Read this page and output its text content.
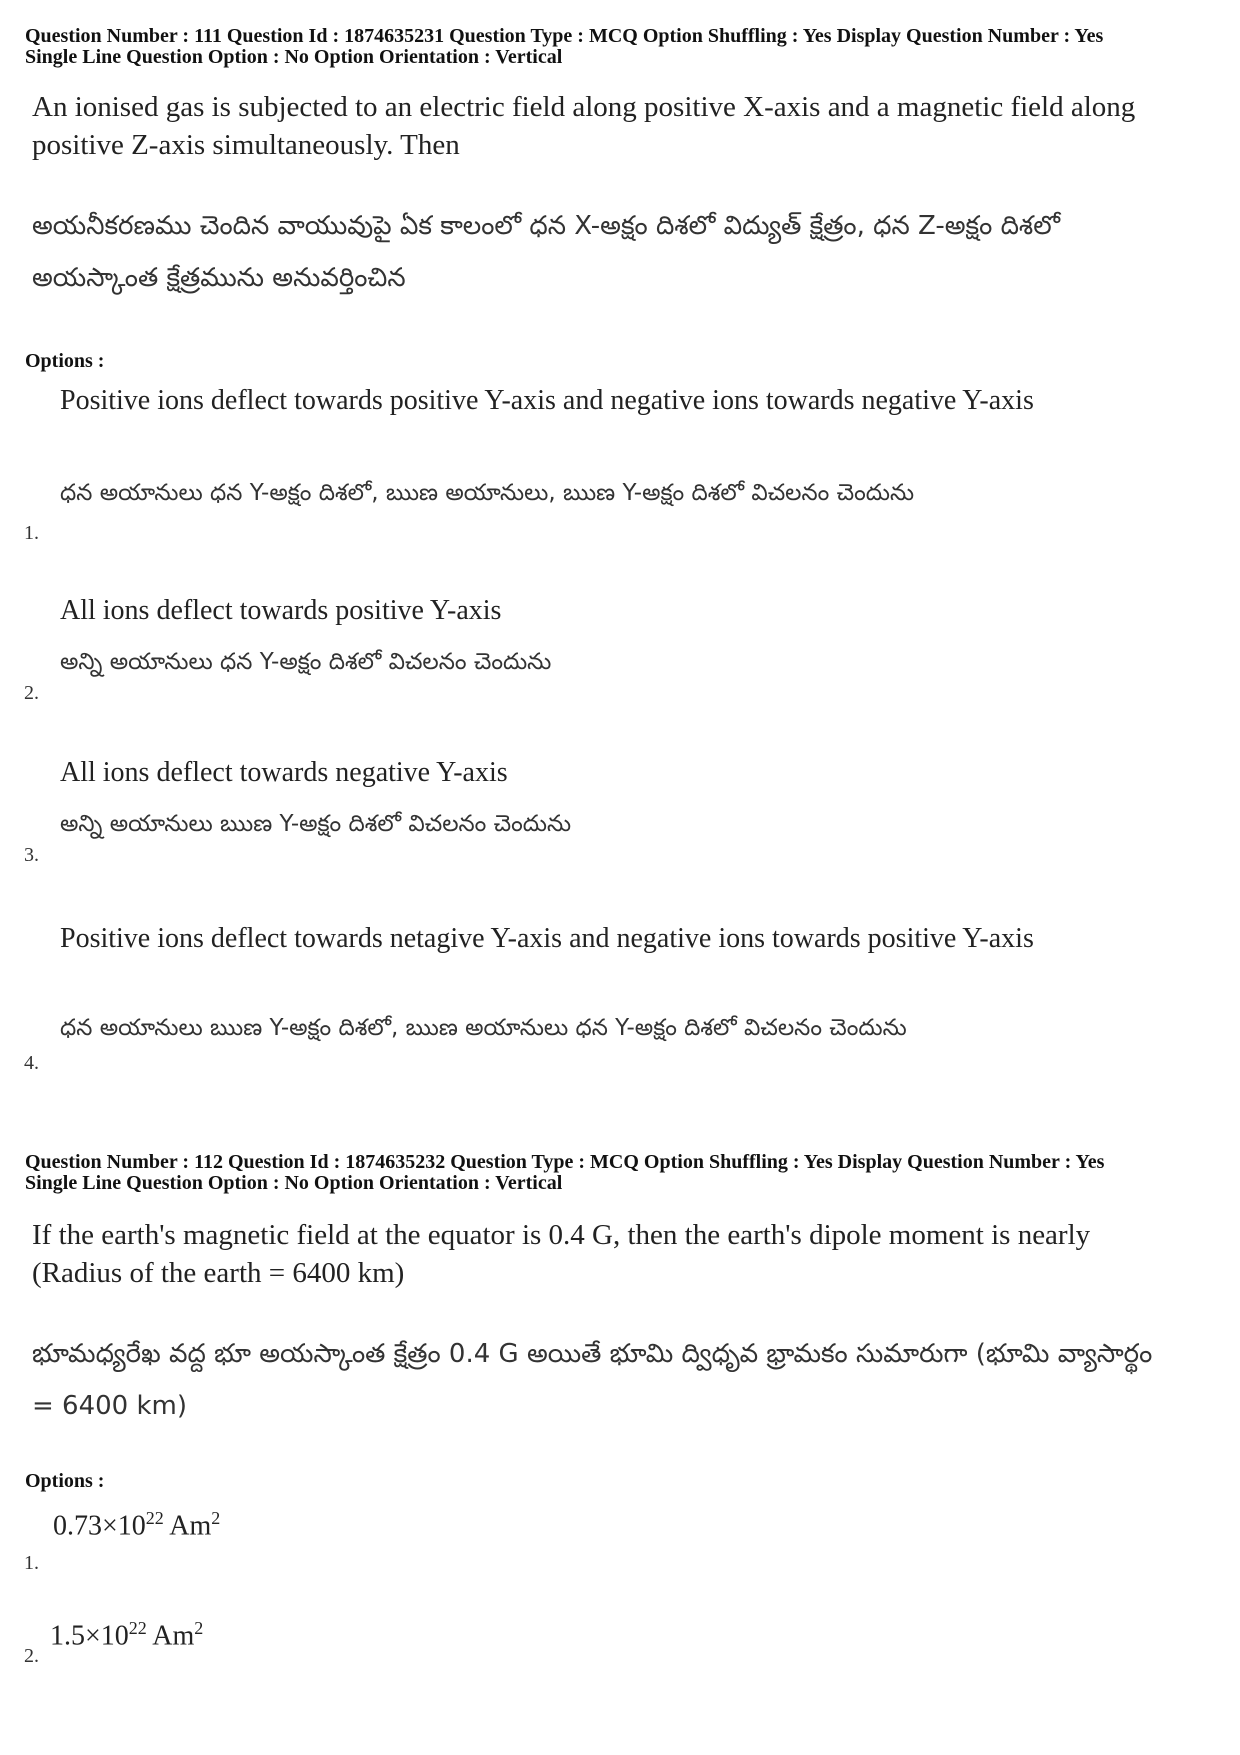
Question Number : 111 Question Id : 1874635231 Question Type : MCQ Option Shuffling : Yes Display Question Number : Yes
Single Line Question Option : No Option Orientation : Vertical
An ionised gas is subjected to an electric field along positive X-axis and a magnetic field along positive Z-axis simultaneously. Then
అయనీకరణము చెందిన వాయువుపై ఏక కాలంలో ధన X-అక్షం దిశలో విద్యుత్ క్షేత్రం, ధన Z-అక్షం దిశలో అయస్కాంత క్షేత్రమును అనువర్తించిన
Options :
Positive ions deflect towards positive Y-axis and negative ions towards negative Y-axis
ధన అయానులు ధన Y-అక్షం దిశలో, ఋణ అయానులు, ఋణ Y-అక్షం దిశలో విచలనం చెందును
1.
All ions deflect towards positive Y-axis
అన్ని అయానులు ధన Y-అక్షం దిశలో విచలనం చెందును
2.
All ions deflect towards negative Y-axis
అన్ని అయానులు ఋణ Y-అక్షం దిశలో విచలనం చెందును
3.
Positive ions deflect towards netagive Y-axis and negative ions towards positive Y-axis
ధన అయానులు ఋణ Y-అక్షం దిశలో, ఋణ అయానులు ధన Y-అక్షం దిశలో విచలనం చెందును
4.
Question Number : 112 Question Id : 1874635232 Question Type : MCQ Option Shuffling : Yes Display Question Number : Yes
Single Line Question Option : No Option Orientation : Vertical
If the earth's magnetic field at the equator is 0.4 G, then the earth's dipole moment is nearly (Radius of the earth = 6400 km)
భూమధ్యరేఖ వద్ద భూ అయస్కాంత క్షేత్రం 0.4 G అయితే భూమి ద్విధృవ భ్రామకం సుమారుగా (భూమి వ్యాసార్థం = 6400 km)
Options :
$0.73\times 10^{22}$ Am$^2$
1.
$1.5\times 10^{22}$ Am$^2$
2.
